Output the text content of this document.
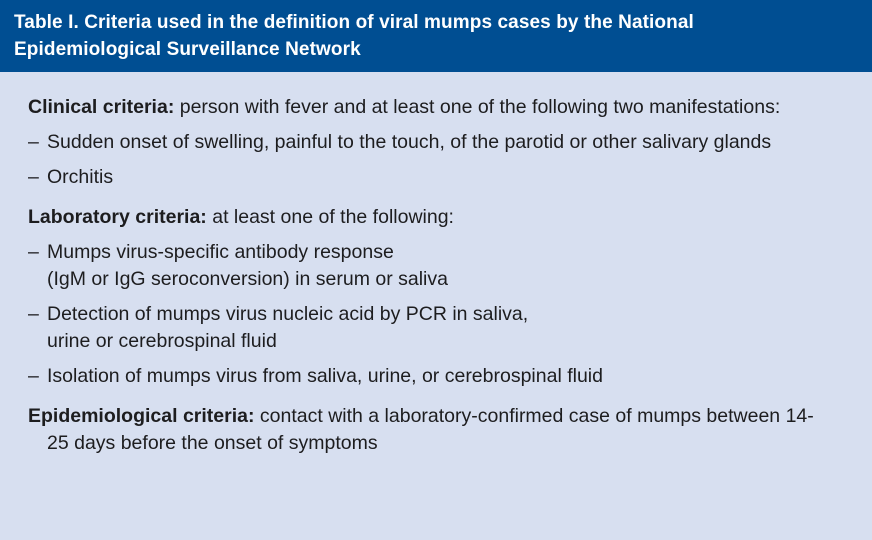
Table I. Criteria used in the definition of viral mumps cases by the National
Epidemiological Surveillance Network

Clinical criteria: person with fever and at least one of the following two manifestations:

– Sudden onset of swelling, painful to the touch, of the parotid or other salivary glands
– Orchitis

Laboratory criteria: at least one of the following:

– Mumps virus-specific antibody response
(IgM or IgG seroconversion) in serum or saliva
– Detection of mumps virus nucleic acid by PCR in saliva,
urine or cerebrospinal fluid
– Isolation of mumps virus from saliva, urine, or cerebrospinal fluid

Epidemiological criteria: contact with a laboratory-confirmed case of mumps between 14-25 days before the onset of symptoms
